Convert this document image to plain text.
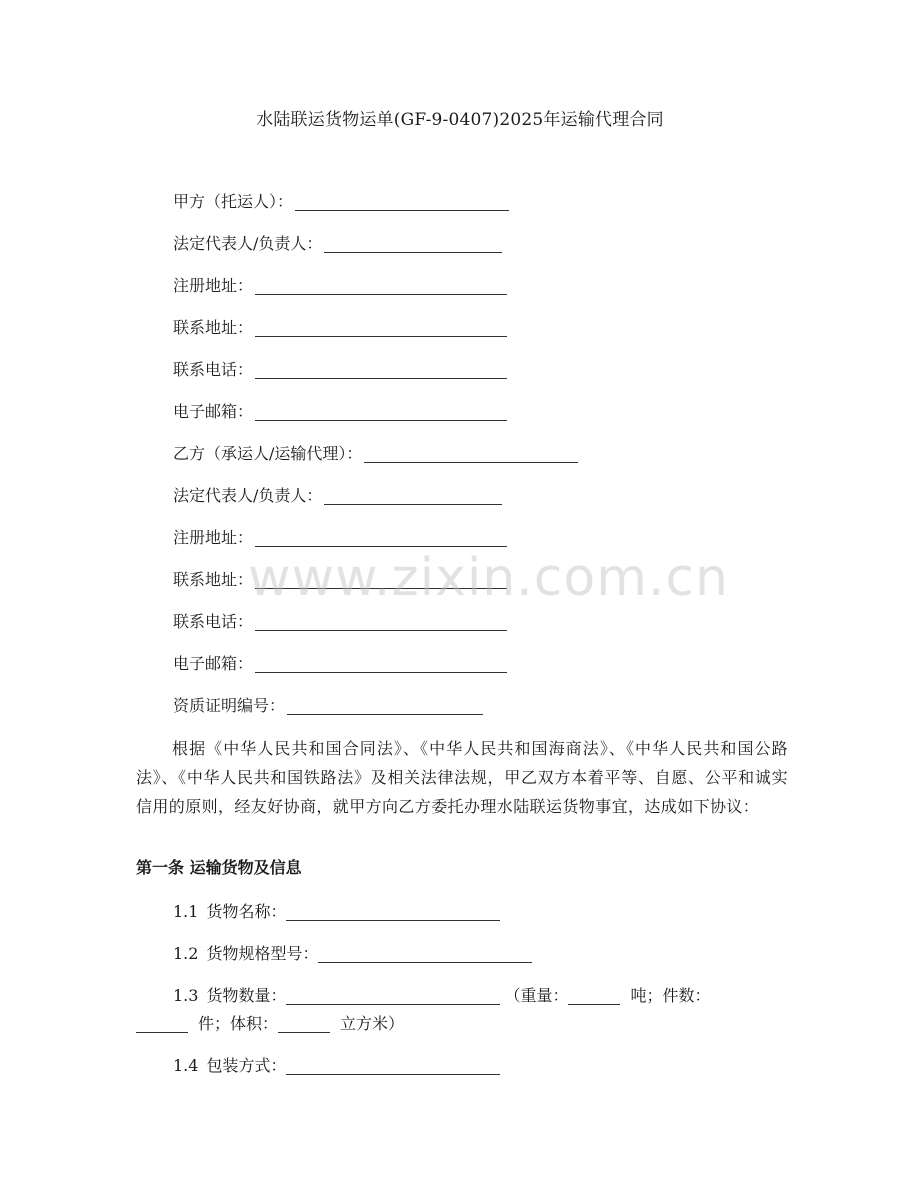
水陆联运货物运单(GF-9-0407)2025年运输代理合同
甲方（托运人）：
法定代表人/负责人：
注册地址：
联系地址：
联系电话：
电子邮箱：
乙方（承运人/运输代理）：
法定代表人/负责人：
注册地址：
联系地址：
联系电话：
电子邮箱：
资质证明编号：
根据《中华人民共和国合同法》、《中华人民共和国海商法》、《中华人民共和国公路法》、《中华人民共和国铁路法》及相关法律法规，甲乙双方本着平等、自愿、公平和诚实信用的原则，经友好协商，就甲方向乙方委托办理水陆联运货物事宜，达成如下协议：
第一条 运输货物及信息
1.1 货物名称：
1.2 货物规格型号：
1.3 货物数量：	（重量：	吨；件数：
件；体积：	立方米）
1.4 包装方式：
www.zixin.com.cn
